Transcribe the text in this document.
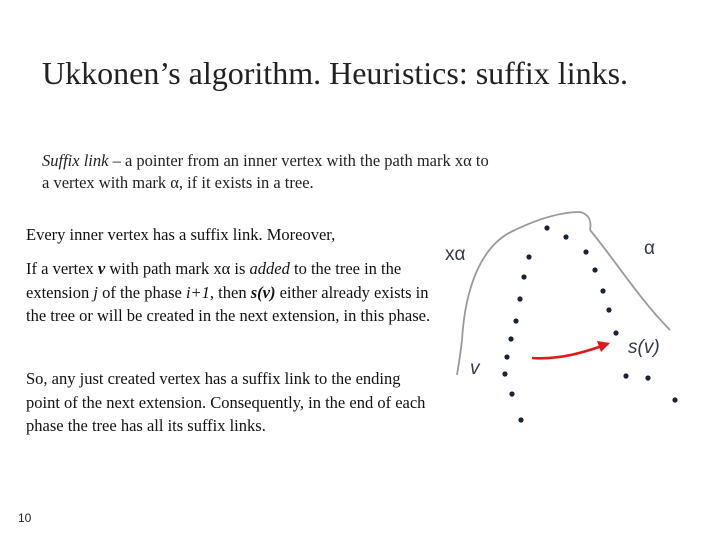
Ukkonen’s algorithm. Heuristics: suffix links.
Suffix link – a pointer from an inner vertex with the path mark xα to
a vertex with mark α, if it exists in a tree.
Every inner vertex has a suffix link. Moreover,
If a vertex v with path mark xα is added to the tree in the extension j of the phase i+1, then s(v) either already exists in the tree or will be created in the next extension, in this phase.
So, any just created vertex has a suffix link to the ending point of the next extension. Consequently, in the end of each phase the tree has all its suffix links.
10
xα	α
v
s(v)
